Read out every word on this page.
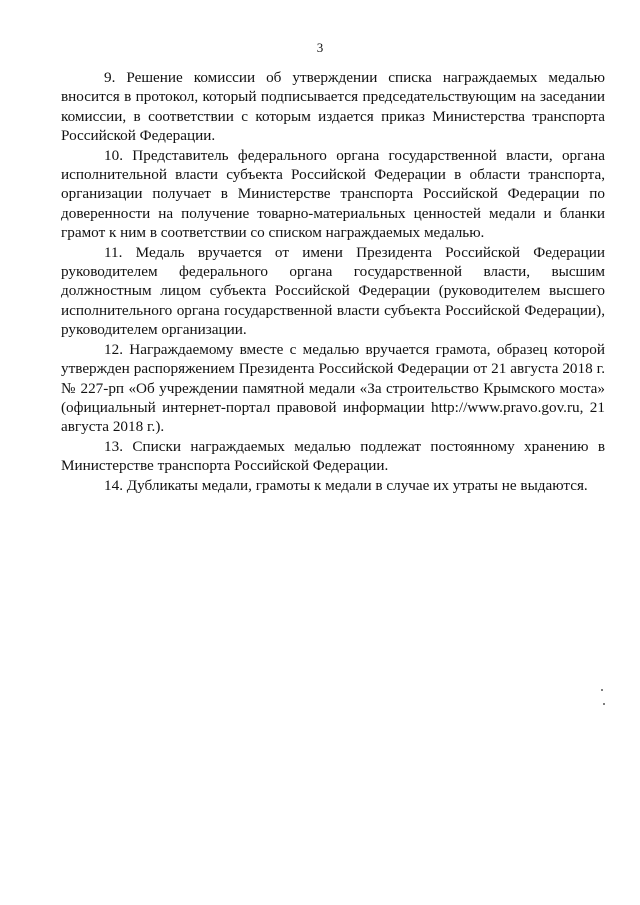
3

9. Решение комиссии об утверждении списка награждаемых медалью вносится в протокол, который подписывается председательствующим на заседании комиссии, в соответствии с которым издается приказ Министерства транспорта Российской Федерации.

10. Представитель федерального органа государственной власти, органа исполнительной власти субъекта Российской Федерации в области транспорта, организации получает в Министерстве транспорта Российской Федерации по доверенности на получение товарно-материальных ценностей медали и бланки грамот к ним в соответствии со списком награждаемых медалью.

11. Медаль вручается от имени Президента Российской Федерации руководителем федерального органа государственной власти, высшим должностным лицом субъекта Российской Федерации (руководителем высшего исполнительного органа государственной власти субъекта Российской Федерации), руководителем организации.

12. Награждаемому вместе с медалью вручается грамота, образец которой утвержден распоряжением Президента Российской Федерации от 21 августа 2018 г. № 227-рп «Об учреждении памятной медали «За строительство Крымского моста» (официальный интернет-портал правовой информации http://www.pravo.gov.ru, 21 августа 2018 г.).

13. Списки награждаемых медалью подлежат постоянному хранению в Министерстве транспорта Российской Федерации.

14. Дубликаты медали, грамоты к медали в случае их утраты не выдаются.
